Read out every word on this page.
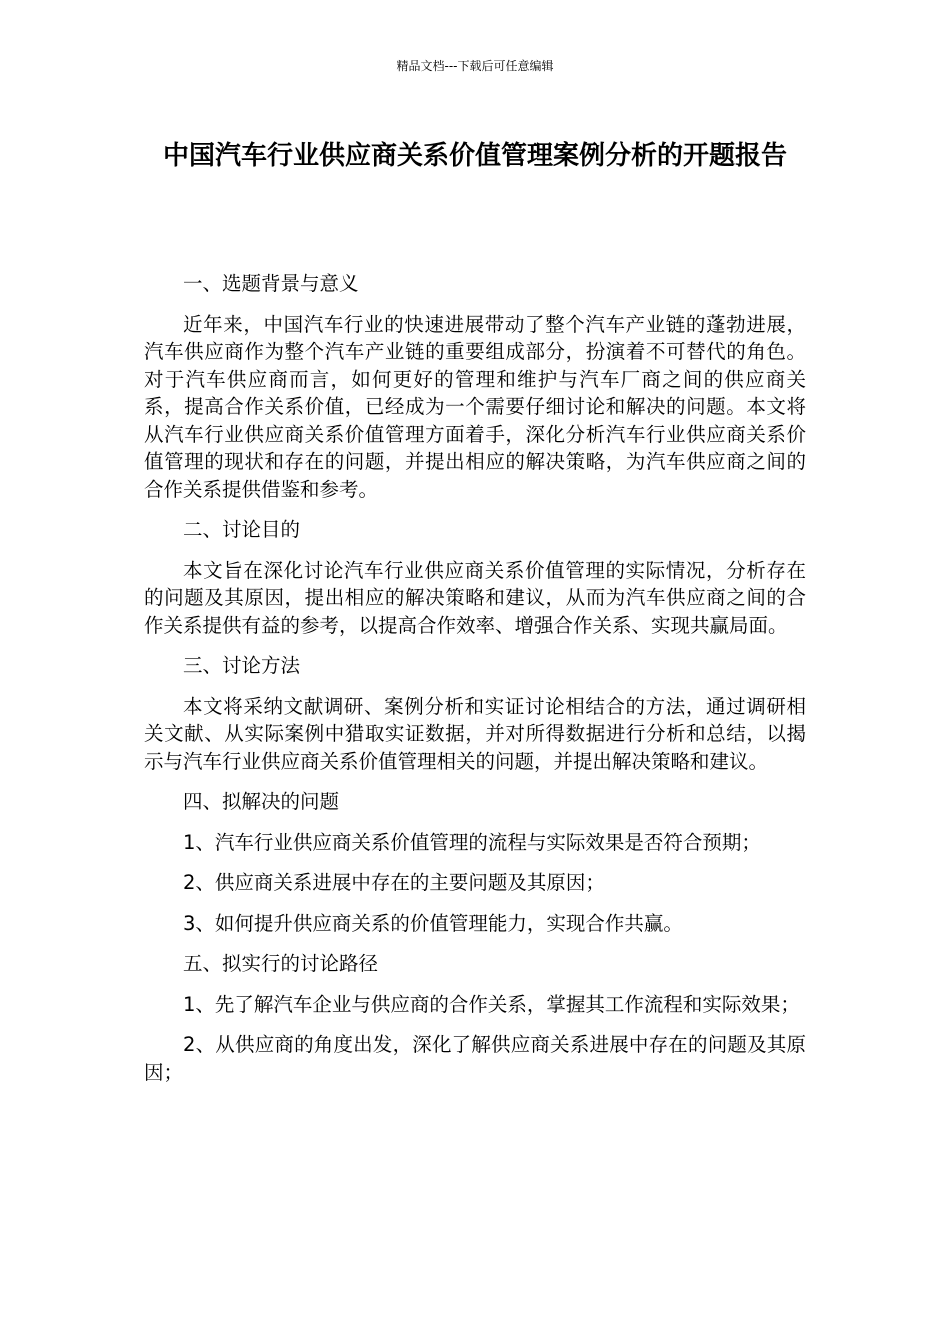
精品文档---下载后可任意编辑
中国汽车行业供应商关系价值管理案例分析的开题报告

一、选题背景与意义

近年来，中国汽车行业的快速进展带动了整个汽车产业链的蓬勃进展，汽车供应商作为整个汽车产业链的重要组成部分，扮演着不可替代的角色。对于汽车供应商而言，如何更好的管理和维护与汽车厂商之间的供应商关系，提高合作关系价值，已经成为一个需要仔细讨论和解决的问题。本文将从汽车行业供应商关系价值管理方面着手，深化分析汽车行业供应商关系价值管理的现状和存在的问题，并提出相应的解决策略，为汽车供应商之间的合作关系提供借鉴和参考。

二、讨论目的

本文旨在深化讨论汽车行业供应商关系价值管理的实际情况，分析存在的问题及其原因，提出相应的解决策略和建议，从而为汽车供应商之间的合作关系提供有益的参考，以提高合作效率、增强合作关系、实现共赢局面。

三、讨论方法

本文将采纳文献调研、案例分析和实证讨论相结合的方法，通过调研相关文献、从实际案例中猎取实证数据，并对所得数据进行分析和总结，以揭示与汽车行业供应商关系价值管理相关的问题，并提出解决策略和建议。

四、拟解决的问题

1、汽车行业供应商关系价值管理的流程与实际效果是否符合预期；

2、供应商关系进展中存在的主要问题及其原因；

3、如何提升供应商关系的价值管理能力，实现合作共赢。

五、拟实行的讨论路径

1、先了解汽车企业与供应商的合作关系，掌握其工作流程和实际效果；

2、从供应商的角度出发，深化了解供应商关系进展中存在的问题及其原因；
